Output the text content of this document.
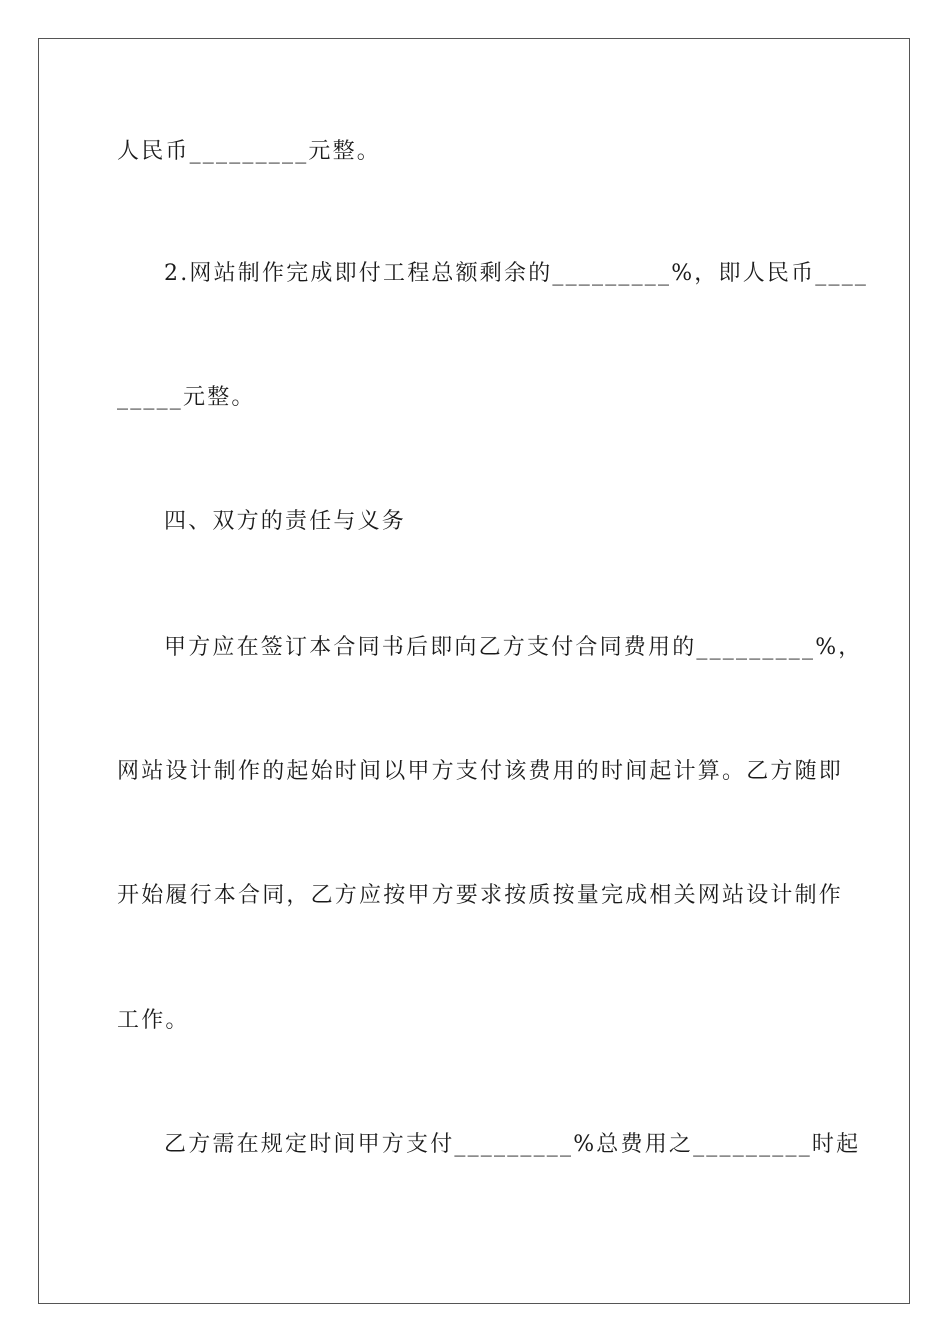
人民币_________元整。
2.网站制作完成即付工程总额剩余的_________%，即人民币____
_____元整。
四、双方的责任与义务
甲方应在签订本合同书后即向乙方支付合同费用的_________%，
网站设计制作的起始时间以甲方支付该费用的时间起计算。乙方随即
开始履行本合同，乙方应按甲方要求按质按量完成相关网站设计制作
工作。
乙方需在规定时间甲方支付_________%总费用之_________时起
